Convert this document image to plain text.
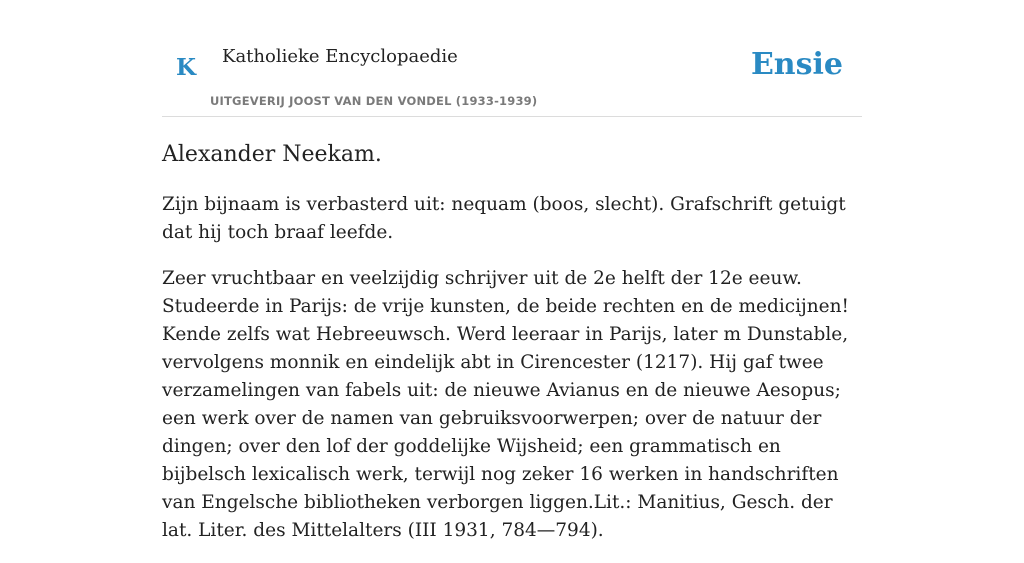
K Katholieke Encyclopaedie
UITGEVERIJ JOOST VAN DEN VONDEL (1933-1939)
Ensie
Alexander Neekam.

Zijn bijnaam is verbasterd uit: nequam (boos, slecht). Grafschrift getuigt dat hij toch braaf leefde.

Zeer vruchtbaar en veelzijdig schrijver uit de 2e helft der 12e eeuw. Studeerde in Parijs: de vrije kunsten, de beide rechten en de medicijnen! Kende zelfs wat Hebreeuwsch. Werd leeraar in Parijs, later m Dunstable, vervolgens monnik en eindelijk abt in Cirencester (1217). Hij gaf twee verzamelingen van fabels uit: de nieuwe Avianus en de nieuwe Aesopus; een werk over de namen van gebruiksvoorwerpen; over de natuur der dingen; over den lof der goddelijke Wijsheid; een grammatisch en bijbelsch lexicalisch werk, terwijl nog zeker 16 werken in handschriften van Engelsche bibliotheken verborgen liggen.Lit.: Manitius, Gesch. der lat. Liter. des Mittelalters (III 1931, 784—794).
